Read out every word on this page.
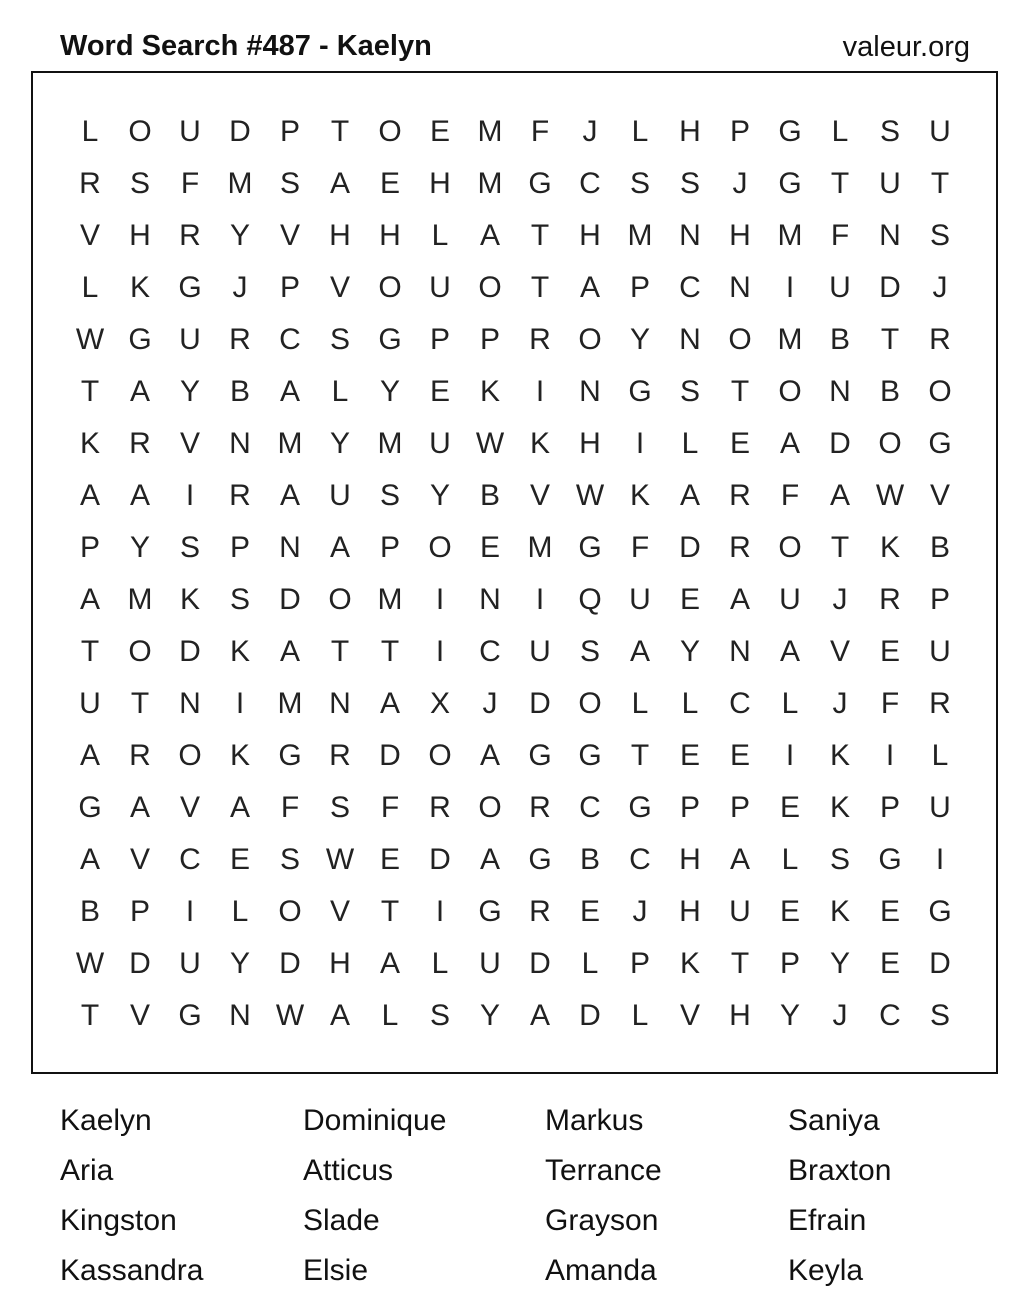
Word Search #487 - Kaelyn	valeur.org
L O U D P	T O E M F	J	L	H P G L	S U
R S	F M S A E H M G C S S	J	G T	U	T
V H R Y V H H	L	A	T	H M N H M F	N S
L	K G	J	P V O U O T	A P C N	I	U D	J
W G U R C S G P P R O Y N O M B	T	R
T	A Y B A	L	Y E K	I	N G S	T O N B O
K R V N M Y M U W K H	I	L	E A D O G
A A	I	R A U S Y B V W K A R	F	A W V
P Y S P N A P O E M G F	D R O T	K B
A M K S D O M	I	N	I	Q U E A U	J	R P
T O D K A	T	T	I	C U S A Y N A V E U
U	T	N	I	M N A X	J	D O L	L	C	L	J	F	R
A R O K G R D O A G G T	E E	I	K	I	L
G A V A	F	S	F	R O R C G P P E K P U
A V C E S W E D A G B C H A	L	S G	I
B P	I	L O V	T	I	G R E	J	H U E K E G
W D U Y D H A	L	U D	L	P K	T	P Y E D
T	V G N W A	L	S Y A D	L	V H Y	J	C S
Kaelyn	Dominique	Markus	Saniya
Aria	Atticus	Terrance	Braxton
Kingston	Slade	Grayson	Efrain
Kassandra	Elsie	Amanda	Keyla
